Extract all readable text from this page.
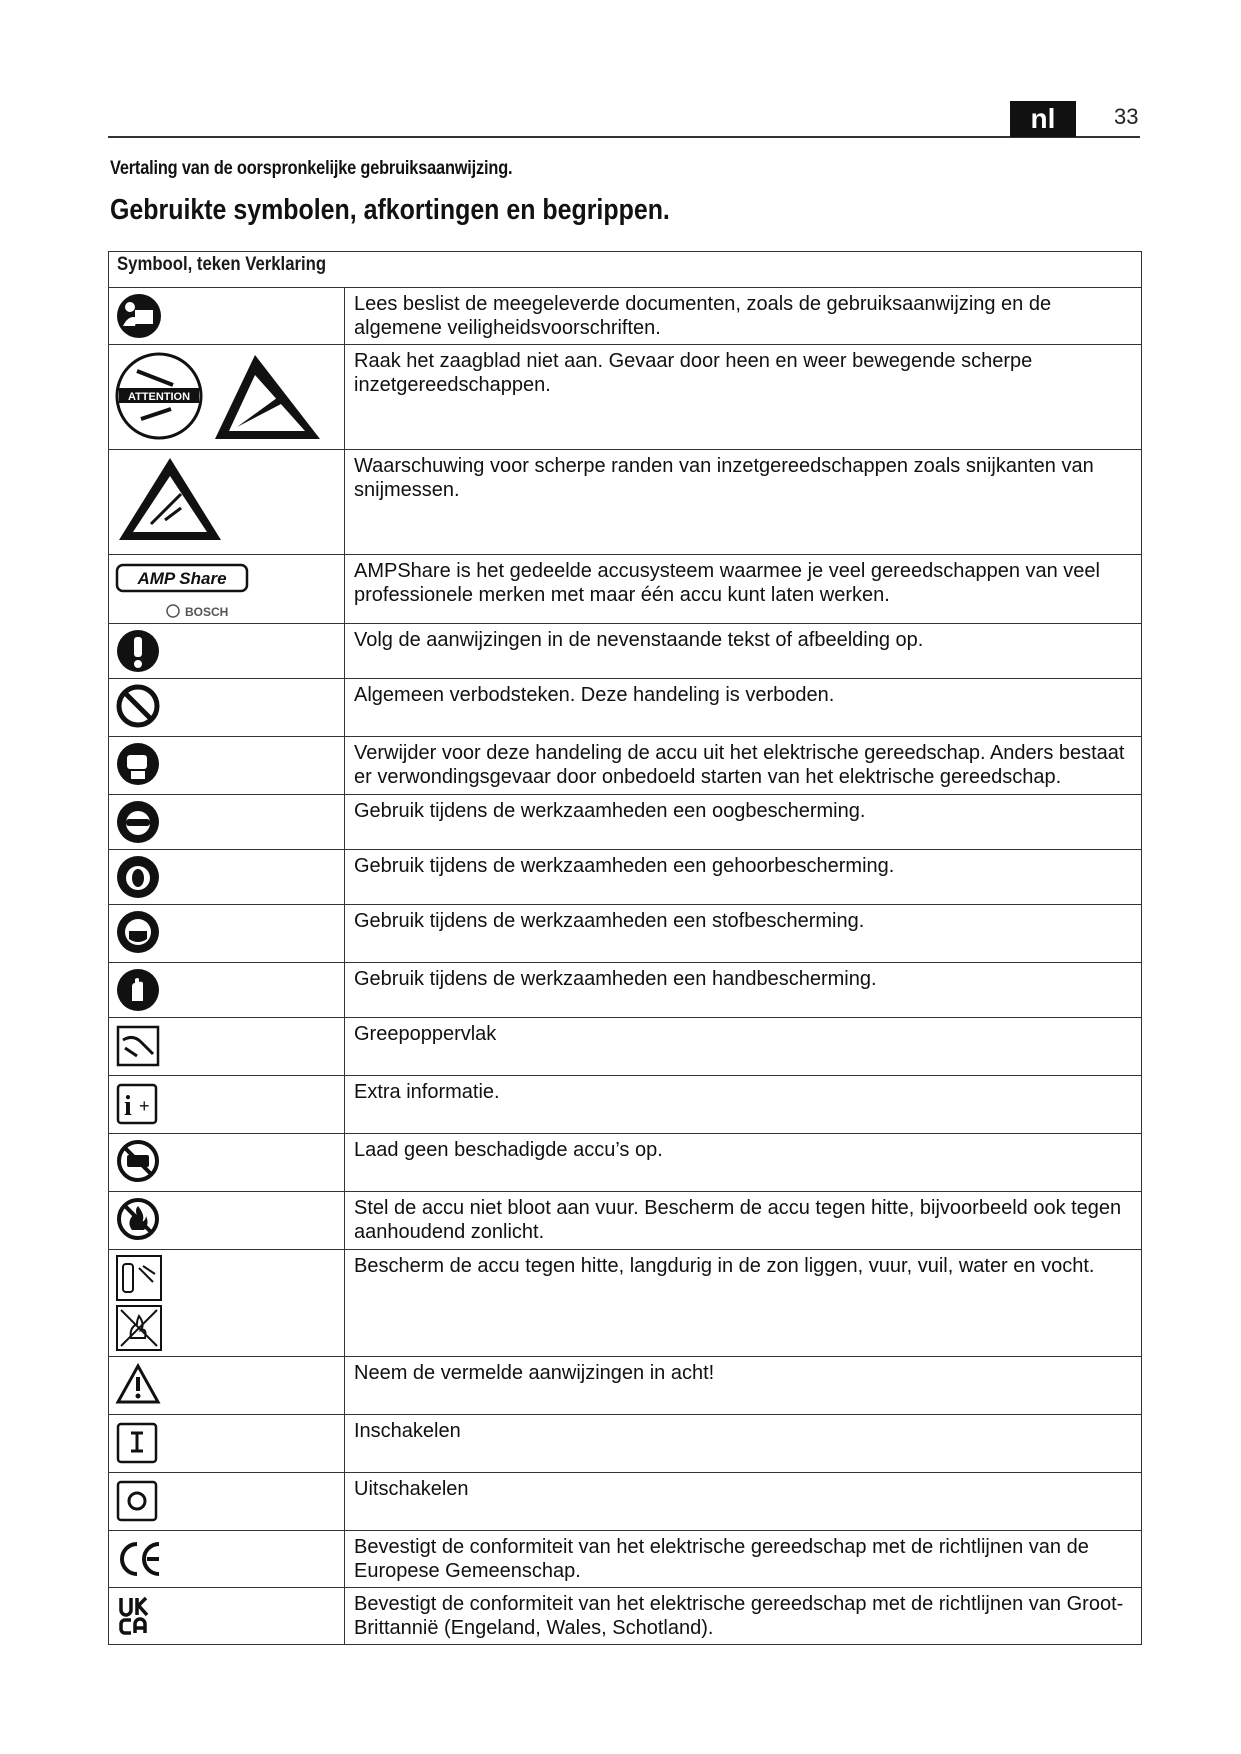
nl	33
Vertaling van de oorspronkelijke gebruiksaanwijzing.
Gebruikte symbolen, afkortingen en begrippen.
Symbool, teken Verklaring	

	Lees beslist de meegeleverde documenten, zoals de gebruiksaanwijzing en de algemene veiligheidsvoorschriften.

ATTENTION	Raak het zaagblad niet aan. Gevaar door heen en weer bewegende scherpe inzetgereedschappen.

	Waarschuwing voor scherpe randen van inzetgereedschappen zoals snijkanten van snijmessen.

AMP Share
BOSCH	AMPShare is het gedeelde accusysteem waarmee je veel gereedschappen van veel professionele merken met maar één accu kunt laten werken.

	Volg de aanwijzingen in de nevenstaande tekst of afbeelding op.

	Algemeen verbodsteken. Deze handeling is verboden.

	Verwijder voor deze handeling de accu uit het elektrische gereedschap. Anders bestaat er verwondingsgevaar door onbedoeld starten van het elektrische gereedschap.

	Gebruik tijdens de werkzaamheden een oogbescherming.

	Gebruik tijdens de werkzaamheden een gehoorbescherming.

	Gebruik tijdens de werkzaamheden een stofbescherming.

	Gebruik tijdens de werkzaamheden een handbescherming.

	Greepoppervlak

i +	Extra informatie.

	Laad geen beschadigde accu’s op.

	Stel de accu niet bloot aan vuur. Bescherm de accu tegen hitte, bijvoorbeeld ook tegen aanhoudend zonlicht.

	Bescherm de accu tegen hitte, langdurig in de zon liggen, vuur, vuil, water en vocht.

	Neem de vermelde aanwijzingen in acht!

	Inschakelen

	Uitschakelen

	Bevestigt de conformiteit van het elektrische gereedschap met de richtlijnen van de Europese Gemeenschap.

	Bevestigt de conformiteit van het elektrische gereedschap met de richtlijnen van Groot-Brittannië (Engeland, Wales, Schotland).
